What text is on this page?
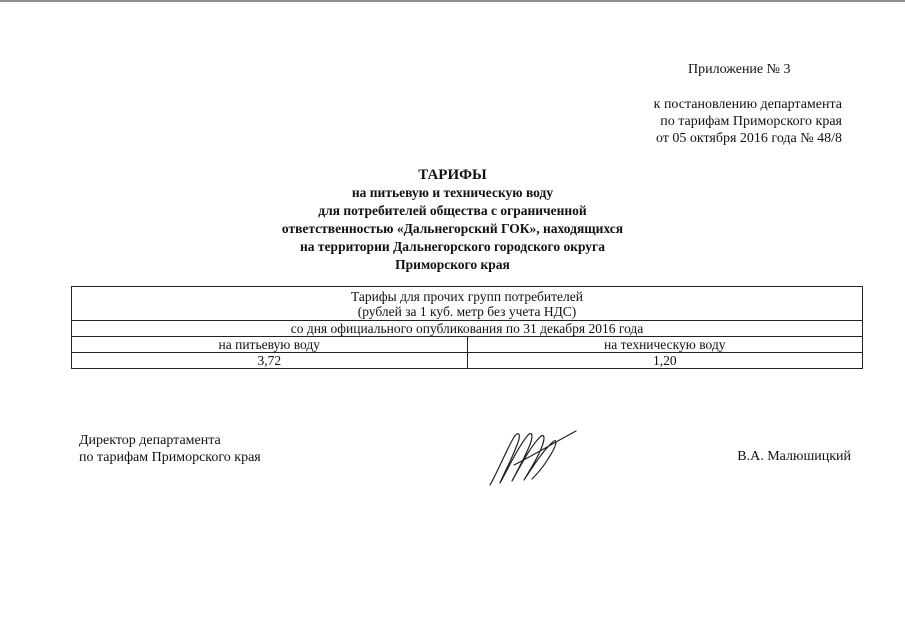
Приложение № 3
к постановлению департамента
по тарифам Приморского края
от 05 октября 2016 года № 48/8
ТАРИФЫ
на питьевую и техническую воду
для потребителей общества с ограниченной
ответственностью «Дальнегорский ГОК», находящихся
на территории Дальнегорского городского округа
Приморского края
Тарифы для прочих групп потребителей
(рублей за 1 куб. метр без учета НДС)	

со дня официального опубликования по 31 декабря 2016 года	
на питьевую воду	на техническую воду
3,72	1,20
Директор департамента
по тарифам Приморского края	В.А. Малюшицкий
